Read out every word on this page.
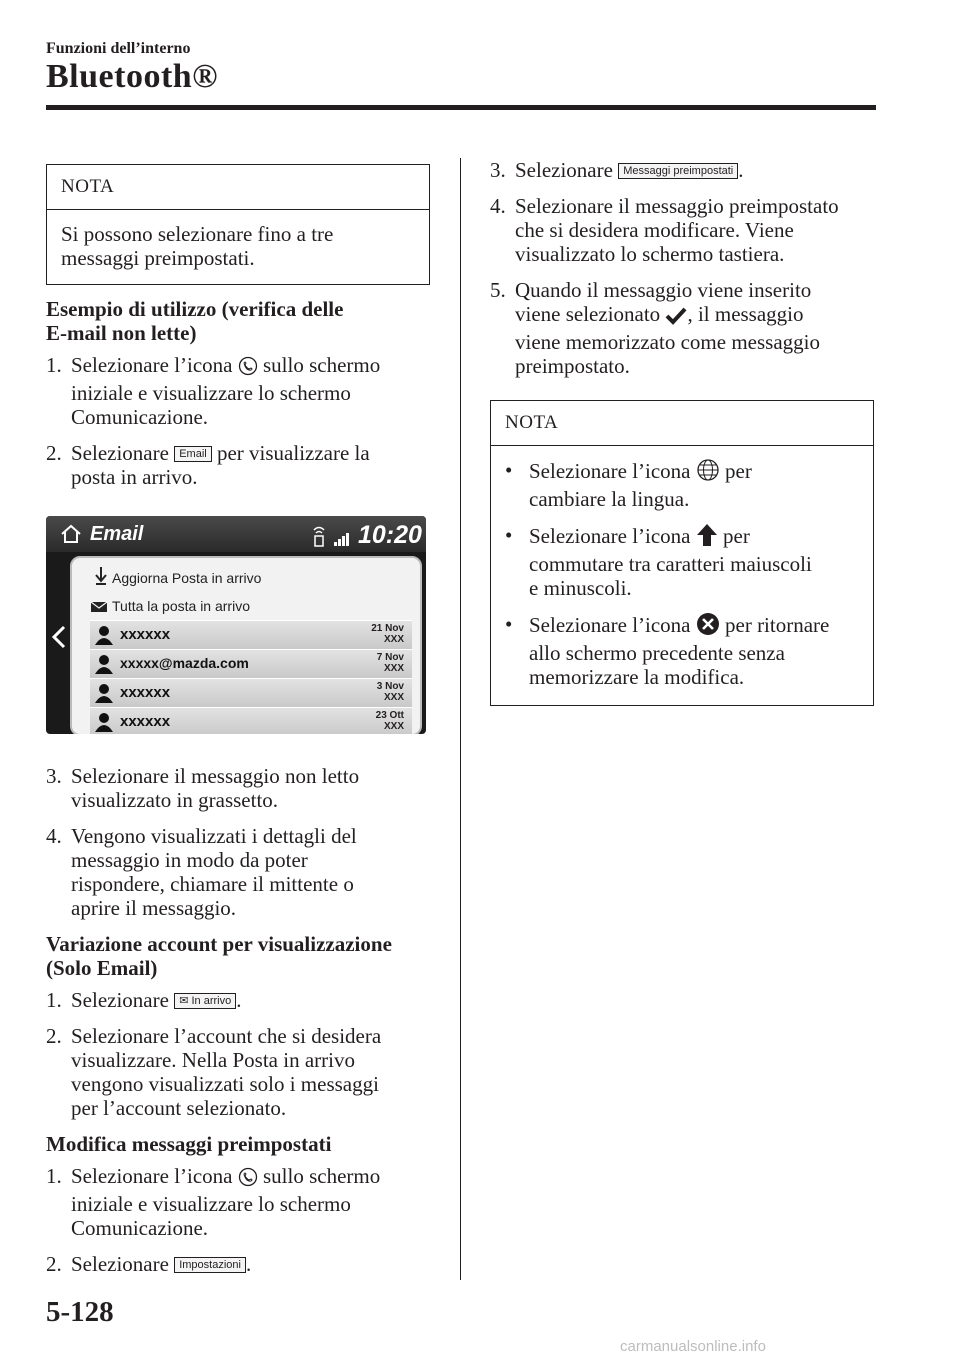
Funzioni dell’interno
Bluetooth®
NOTA
Si possono selezionare fino a tre messaggi preimpostati.

Esempio di utilizzo (verifica delle
E-mail non lette)

1. Selezionare l’icona sullo schermo
iniziale e visualizzare lo schermo
Comunicazione.
2. Selezionare Email per visualizzare la
posta in arrivo.
Email	10:20
Aggiorna Posta in arrivo
Tutta la posta in arrivo
xxxxxx	21 Nov
XXX
xxxxx@mazda.com	7 Nov
XXX
xxxxxx	3 Nov
XXX
xxxxxx	23 Ott
XXX
3. Selezionare il messaggio non letto
visualizzato in grassetto.
4. Vengono visualizzati i dettagli del
messaggio in modo da poter
rispondere, chiamare il mittente o
aprire il messaggio.

Variazione account per visualizzazione
(Solo Email)

1. Selezionare ✉ In arrivo .
2. Selezionare l’account che si desidera
visualizzare. Nella Posta in arrivo
vengono visualizzati solo i messaggi
per l’account selezionato.

Modifica messaggi preimpostati

1. Selezionare l’icona sullo schermo
iniziale e visualizzare lo schermo
Comunicazione.
2. Selezionare Impostazioni .
3. Selezionare Messaggi preimpostati .
4. Selezionare il messaggio preimpostato
che si desidera modificare. Viene
visualizzato lo schermo tastiera.
5. Quando il messaggio viene inserito
viene selezionato , il messaggio
viene memorizzato come messaggio
preimpostato.
NOTA
• Selezionare l’icona per
cambiare la lingua.
• Selezionare l’icona per
commutare tra caratteri maiuscoli
e minuscoli.
• Selezionare l’icona per ritornare
allo schermo precedente senza
memorizzare la modifica.
5-128
carmanualsonline.info
